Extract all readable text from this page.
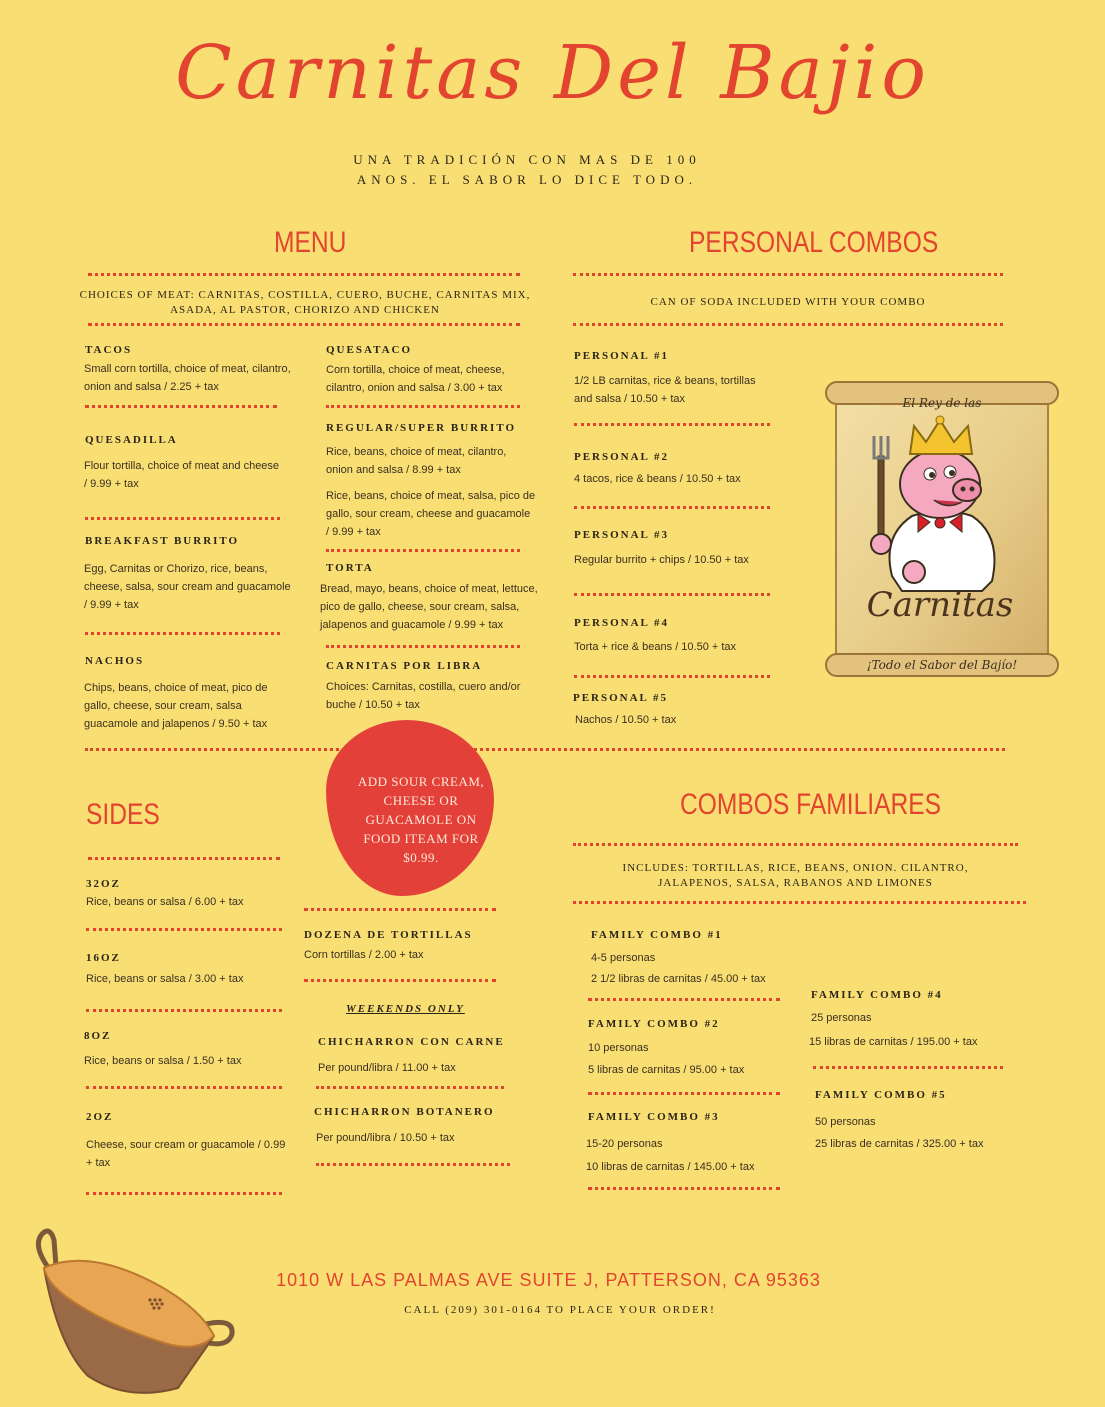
Carnitas Del Bajio
UNA TRADICIÓN CON MAS DE 100 ANOS. EL SABOR LO DICE TODO.
MENU
CHOICES OF MEAT: CARNITAS, COSTILLA, CUERO, BUCHE, CARNITAS MIX, ASADA, AL PASTOR, CHORIZO AND CHICKEN
TACOS
Small corn tortilla, choice of meat, cilantro, onion and salsa / 2.25 + tax
QUESADILLA
Flour tortilla, choice of meat and cheese / 9.99 + tax
BREAKFAST BURRITO
Egg, Carnitas or Chorizo, rice, beans, cheese, salsa, sour cream and guacamole / 9.99 + tax
NACHOS
Chips, beans, choice of meat, pico de gallo, cheese, sour cream, salsa guacamole and jalapenos / 9.50 + tax
QUESATACO
Corn tortilla, choice of meat, cheese, cilantro, onion and salsa / 3.00 + tax
REGULAR/SUPER BURRITO
Rice, beans, choice of meat, cilantro, onion and salsa / 8.99 + tax
Rice, beans, choice of meat, salsa, pico de gallo, sour cream, cheese and guacamole / 9.99 + tax
TORTA
Bread, mayo, beans, choice of meat, lettuce, pico de gallo, cheese, sour cream, salsa, jalapenos and guacamole / 9.99 + tax
CARNITAS POR LIBRA
Choices: Carnitas, costilla, cuero and/or buche / 10.50 + tax
PERSONAL COMBOS
CAN OF SODA INCLUDED WITH YOUR COMBO
PERSONAL #1
1/2 LB carnitas, rice & beans, tortillas and salsa / 10.50 + tax
PERSONAL #2
4 tacos, rice & beans / 10.50 + tax
PERSONAL #3
Regular burrito + chips / 10.50 + tax
PERSONAL #4
Torta + rice & beans / 10.50 + tax
PERSONAL #5
Nachos / 10.50 + tax
El Rey de las
Carnitas
¡Todo el Sabor del Bajío!
ADD SOUR CREAM, CHEESE OR GUACAMOLE ON FOOD ITEAM FOR $0.99.
SIDES
32OZ
Rice, beans or salsa / 6.00 + tax
16OZ
Rice, beans or salsa / 3.00 + tax
8OZ
Rice, beans or salsa / 1.50 + tax
2OZ
Cheese, sour cream or guacamole / 0.99 + tax
DOZENA DE TORTILLAS
Corn tortillas / 2.00 + tax
WEEKENDS ONLY
CHICHARRON CON CARNE
Per pound/libra / 11.00 + tax
CHICHARRON BOTANERO
Per pound/libra / 10.50 + tax
COMBOS FAMILIARES
INCLUDES: TORTILLAS, RICE, BEANS, ONION. CILANTRO, JALAPENOS, SALSA, RABANOS AND LIMONES
FAMILY COMBO #1
4-5 personas
2 1/2 libras de carnitas / 45.00 + tax
FAMILY COMBO #2
10 personas
5 libras de carnitas / 95.00 + tax
FAMILY COMBO #3
15-20 personas
10 libras de carnitas / 145.00 + tax
FAMILY COMBO #4
25 personas
15 libras de carnitas / 195.00 + tax
FAMILY COMBO #5
50 personas
25 libras de carnitas / 325.00 + tax
1010 W LAS PALMAS AVE SUITE J, PATTERSON, CA 95363
CALL (209) 301-0164 TO PLACE YOUR ORDER!
